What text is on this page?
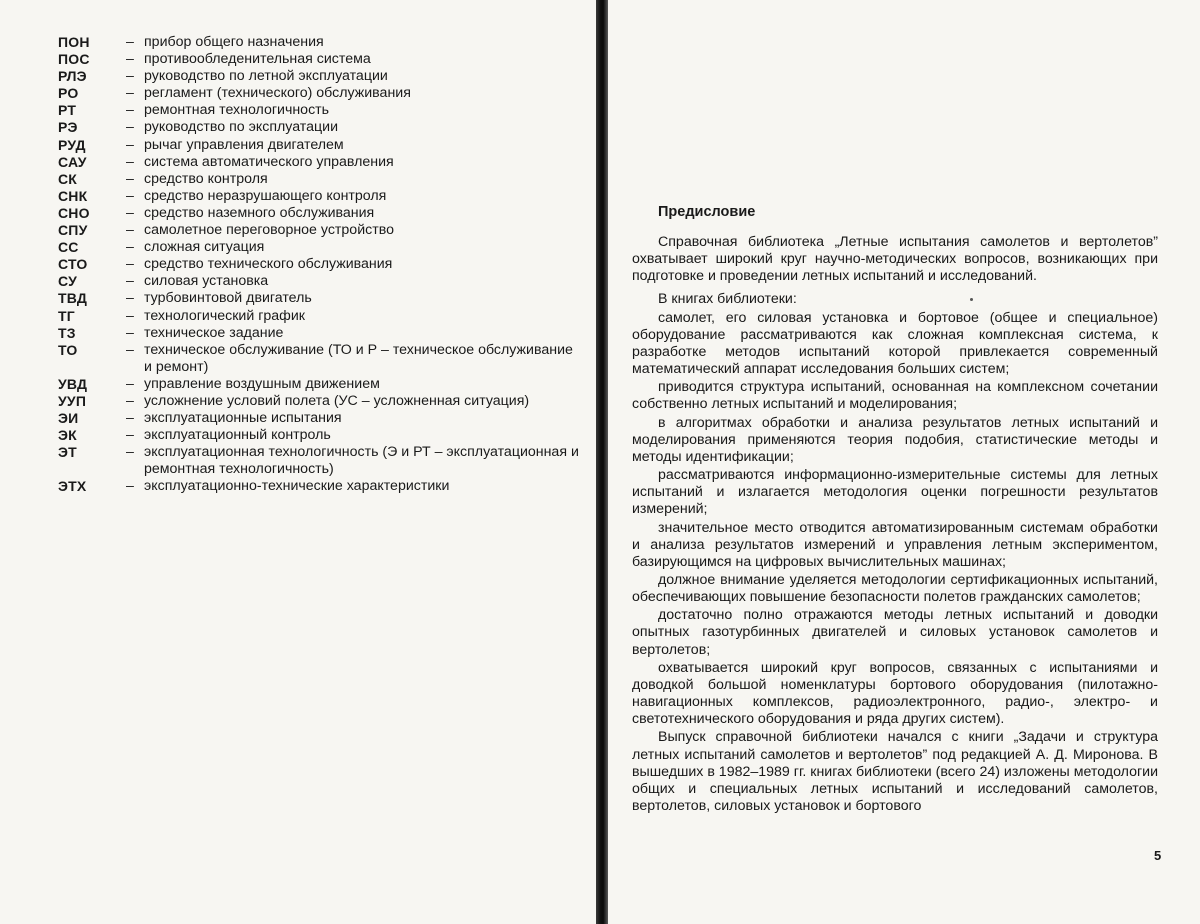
ПОН	– прибор общего назначения
ПОС	– противообледенительная система
РЛЭ	– руководство по летной эксплуатации
РО	– регламент (технического) обслуживания
РТ	– ремонтная технологичность
РЭ	– руководство по эксплуатации
РУД	– рычаг управления двигателем
САУ	– система автоматического управления
СК	– средство контроля
СНК	– средство неразрушающего контроля
СНО	– средство наземного обслуживания
СПУ	– самолетное переговорное устройство
СС	– сложная ситуация
СТО	– средство технического обслуживания
СУ	– силовая установка
ТВД	– турбовинтовой двигатель
ТГ	– технологический график
ТЗ	– техническое задание
ТО	– техническое обслуживание (ТО и Р – техническое обслуживание и ремонт)
УВД	– управление воздушным движением
УУП	– усложнение условий полета (УС – усложненная ситуация)
ЭИ	– эксплуатационные испытания
ЭК	– эксплуатационный контроль
ЭТ	– эксплуатационная технологичность (Э и РТ – эксплуатационная и ремонтная технологичность)
ЭТХ	– эксплуатационно-технические характеристики
Предисловие

Справочная библиотека „Летные испытания самолетов и вертолетов” охватывает широкий круг научно-методических вопросов, возникающих при подготовке и проведении летных испытаний и исследований.

В книгах библиотеки:

самолет, его силовая установка и бортовое (общее и специальное) оборудование рассматриваются как сложная комплексная система, к разработке методов испытаний которой привлекается современный математический аппарат исследования больших систем;

приводится структура испытаний, основанная на комплексном сочетании собственно летных испытаний и моделирования;

в алгоритмах обработки и анализа результатов летных испытаний и моделирования применяются теория подобия, статистические методы и методы идентификации;

рассматриваются информационно-измерительные системы для летных испытаний и излагается методология оценки погрешности результатов измерений;

значительное место отводится автоматизированным системам обработки и анализа результатов измерений и управления летным экспериментом, базирующимся на цифровых вычислительных машинах;

должное внимание уделяется методологии сертификационных испытаний, обеспечивающих повышение безопасности полетов гражданских самолетов;

достаточно полно отражаются методы летных испытаний и доводки опытных газотурбинных двигателей и силовых установок самолетов и вертолетов;

охватывается широкий круг вопросов, связанных с испытаниями и доводкой большой номенклатуры бортового оборудования (пилотажно-навигационных комплексов, радиоэлектронного, радио-, электро- и светотехнического оборудования и ряда других систем).

Выпуск справочной библиотеки начался с книги „Задачи и структура летных испытаний самолетов и вертолетов” под редакцией А. Д. Миронова. В вышедших в 1982–1989 гг. книгах библиотеки (всего 24) изложены методологии общих и специальных летных испытаний и исследований самолетов, вертолетов, силовых установок и бортового

5
